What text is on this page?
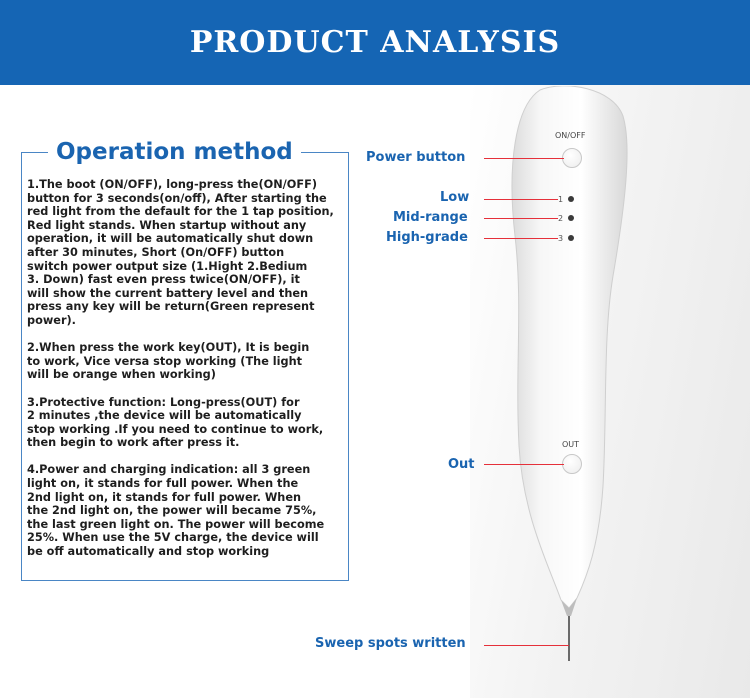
PRODUCT ANALYSIS
Operation method

1.The boot (ON/OFF), long-press the(ON/OFF)
button for 3 seconds(on/off), After starting the
red light from the default for the 1 tap position,
Red light stands. When startup without any
operation, it will be automatically shut down
after 30 minutes, Short (On/OFF) button
switch power output size (1.Hight 2.Bedium
3. Down) fast even press twice(ON/OFF), it
will show the current battery level and then
press any key will be return(Green represent
power).

2.When press the work key(OUT), It is begin
to work, Vice versa stop working (The light
will be orange when working)

3.Protective function: Long-press(OUT) for
2 minutes ,the device will be automatically
stop working .If you need to continue to work,
then begin to work after press it.

4.Power and charging indication: all 3 green
light on, it stands for full power. When the
2nd light on, it stands for full power. When
the 2nd light on, the power will became 75%,
the last green light on. The power will become
25%. When use the 5V charge, the device will
be off automatically and stop working

ON/OFF
1
2
3
OUT
Power button
Low
Mid-range
High-grade
Out
Sweep spots written
